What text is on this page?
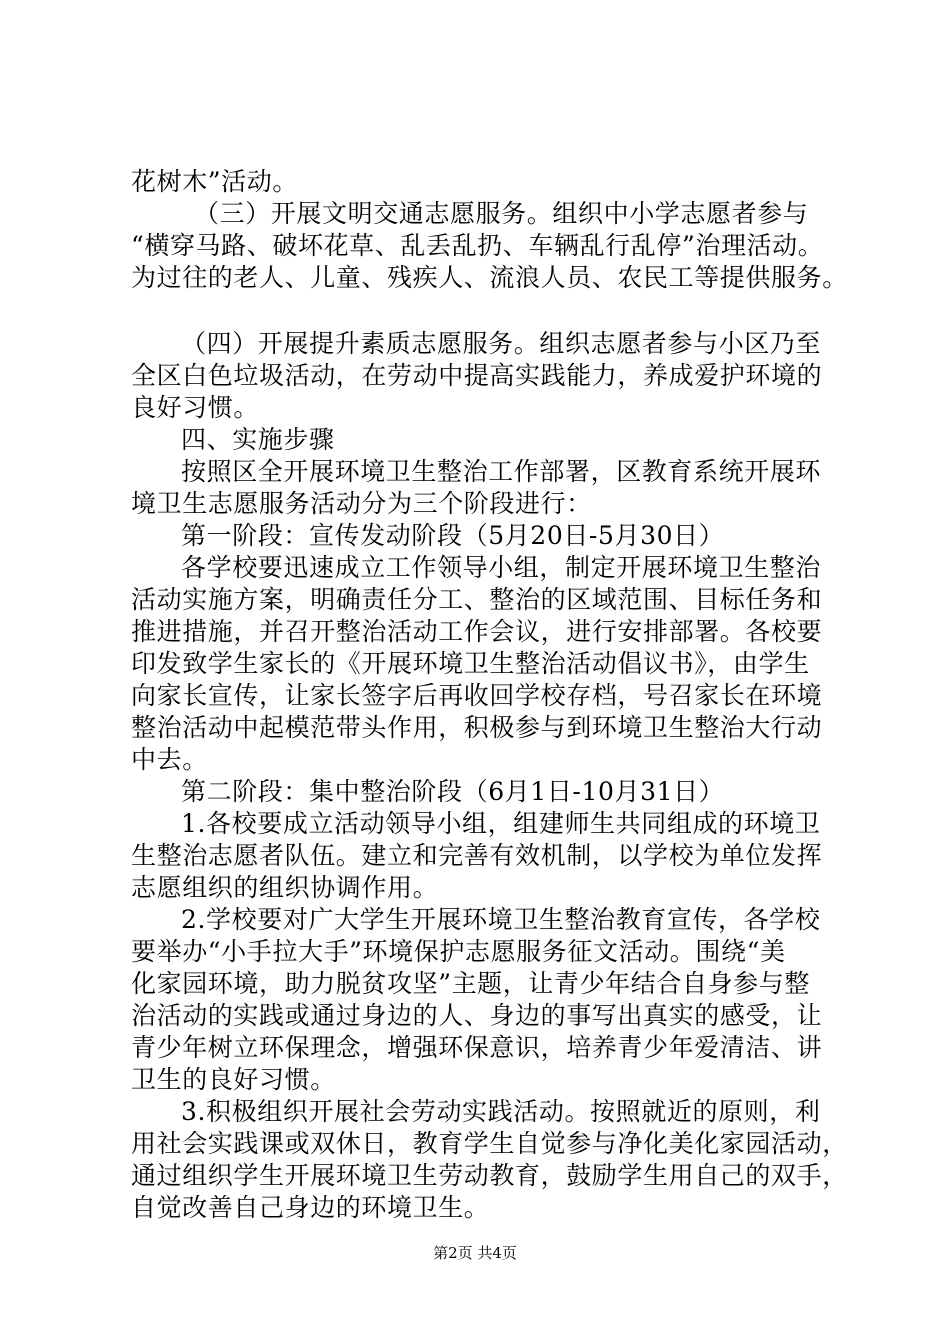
花树木”活动。
（三）开展文明交通志愿服务。组织中小学志愿者参与
“横穿马路、破坏花草、乱丢乱扔、车辆乱行乱停”治理活动。
为过往的老人、儿童、残疾人、流浪人员、农民工等提供服务。
（四）开展提升素质志愿服务。组织志愿者参与小区乃至
全区白色垃圾活动，在劳动中提高实践能力，养成爱护环境的
良好习惯。
四、实施步骤
按照区全开展环境卫生整治工作部署，区教育系统开展环
境卫生志愿服务活动分为三个阶段进行：
第一阶段：宣传发动阶段（5月20日-5月30日）
各学校要迅速成立工作领导小组，制定开展环境卫生整治
活动实施方案，明确责任分工、整治的区域范围、目标任务和
推进措施，并召开整治活动工作会议，进行安排部署。各校要
印发致学生家长的《开展环境卫生整治活动倡议书》，由学生
向家长宣传，让家长签字后再收回学校存档，号召家长在环境
整治活动中起模范带头作用，积极参与到环境卫生整治大行动
中去。
第二阶段：集中整治阶段（6月1日-10月31日）
1.各校要成立活动领导小组，组建师生共同组成的环境卫
生整治志愿者队伍。建立和完善有效机制，以学校为单位发挥
志愿组织的组织协调作用。
2.学校要对广大学生开展环境卫生整治教育宣传，各学校
要举办“小手拉大手”环境保护志愿服务征文活动。围绕“美
化家园环境，助力脱贫攻坚”主题，让青少年结合自身参与整
治活动的实践或通过身边的人、身边的事写出真实的感受，让
青少年树立环保理念，增强环保意识，培养青少年爱清洁、讲
卫生的良好习惯。
3.积极组织开展社会劳动实践活动。按照就近的原则，利
用社会实践课或双休日，教育学生自觉参与净化美化家园活动，
通过组织学生开展环境卫生劳动教育，鼓励学生用自己的双手，
自觉改善自己身边的环境卫生。
第2页 共4页
